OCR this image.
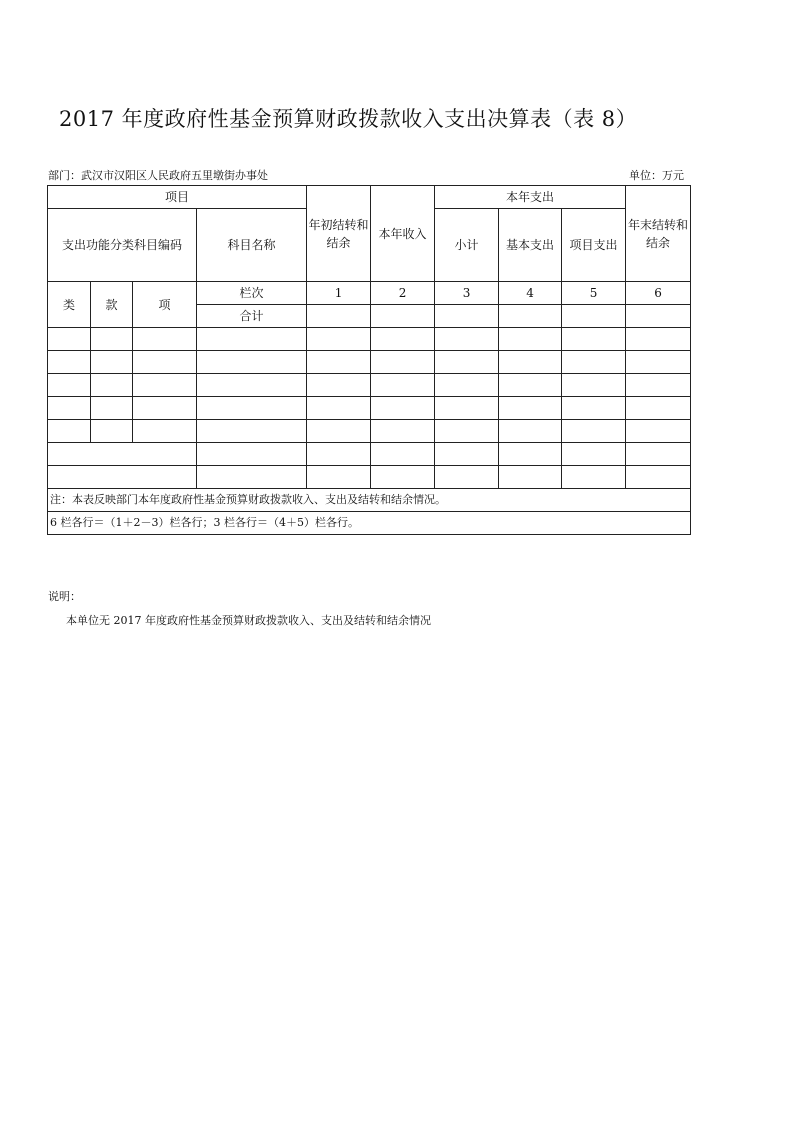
2017 年度政府性基金预算财政拨款收入支出决算表（表 8）
部门：武汉市汉阳区人民政府五里墩街办事处	单位：万元
项目				年初结转和结余	本年收入	本年支出			年末结转和结余
支出功能分类科目编码			科目名称			小计	基本支出	项目支出	
类	款	项	栏次	1	2	3	4	5	6
			合计						

注：本表反映部门本年度政府性基金预算财政拨款收入、支出及结转和结余情况。									
6 栏各行＝（1＋2－3）栏各行；3 栏各行＝（4＋5）栏各行。									
说明：
本单位无 2017 年度政府性基金预算财政拨款收入、支出及结转和结余情况
